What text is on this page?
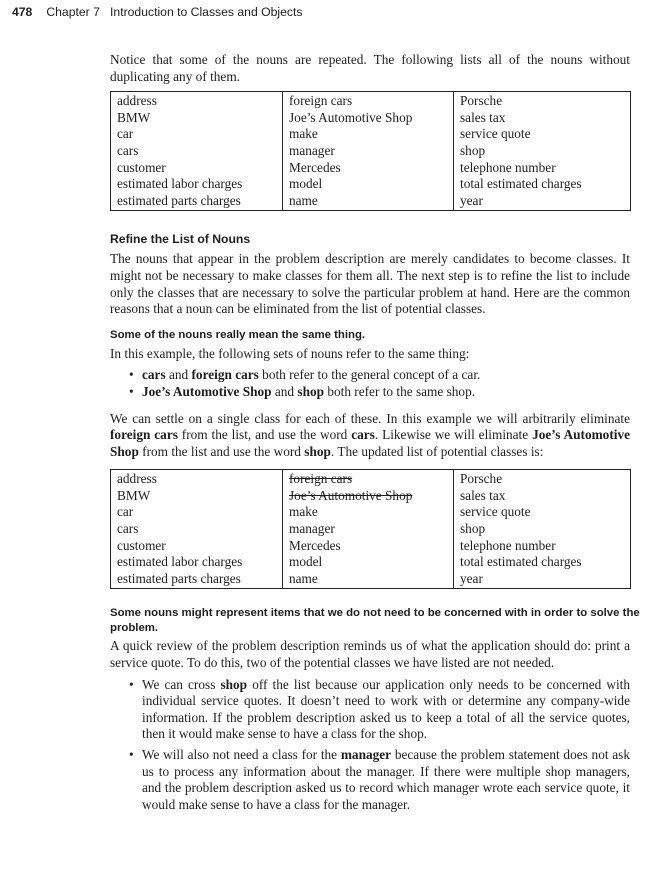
478 Chapter 7 Introduction to Classes and Objects

Notice that some of the nouns are repeated. The following lists all of the nouns without duplicating any of them.

address	foreign cars	Porsche
BMW	Joe’s Automotive Shop	sales tax
car	make	service quote
cars	manager	shop
customer	Mercedes	telephone number
estimated labor charges	model	total estimated charges
estimated parts charges	name	year
Refine the List of Nouns

The nouns that appear in the problem description are merely candidates to become classes. It might not be necessary to make classes for them all. The next step is to refine the list to include only the classes that are necessary to solve the particular problem at hand. Here are the common reasons that a noun can be eliminated from the list of potential classes.

Some of the nouns really mean the same thing.

In this example, the following sets of nouns refer to the same thing:

• cars and foreign cars both refer to the general concept of a car.
• Joe’s Automotive Shop and shop both refer to the same shop.

We can settle on a single class for each of these. In this example we will arbitrarily eliminate foreign cars from the list, and use the word cars. Likewise we will eliminate Joe’s Automotive Shop from the list and use the word shop. The updated list of potential classes is:

address	foreign cars	Porsche
BMW	Joe’s Automotive Shop	sales tax
car	make	service quote
cars	manager	shop
customer	Mercedes	telephone number
estimated labor charges	model	total estimated charges
estimated parts charges	name	year
Some nouns might represent items that we do not need to be concerned with in order to solve the problem.

A quick review of the problem description reminds us of what the application should do: print a service quote. To do this, two of the potential classes we have listed are not needed.

• We can cross shop off the list because our application only needs to be concerned with individual service quotes. It doesn’t need to work with or determine any company-wide information. If the problem description asked us to keep a total of all the service quotes, then it would make sense to have a class for the shop.
• We will also not need a class for the manager because the problem statement does not ask us to process any information about the manager. If there were multiple shop managers, and the problem description asked us to record which manager wrote each service quote, it would make sense to have a class for the manager.
